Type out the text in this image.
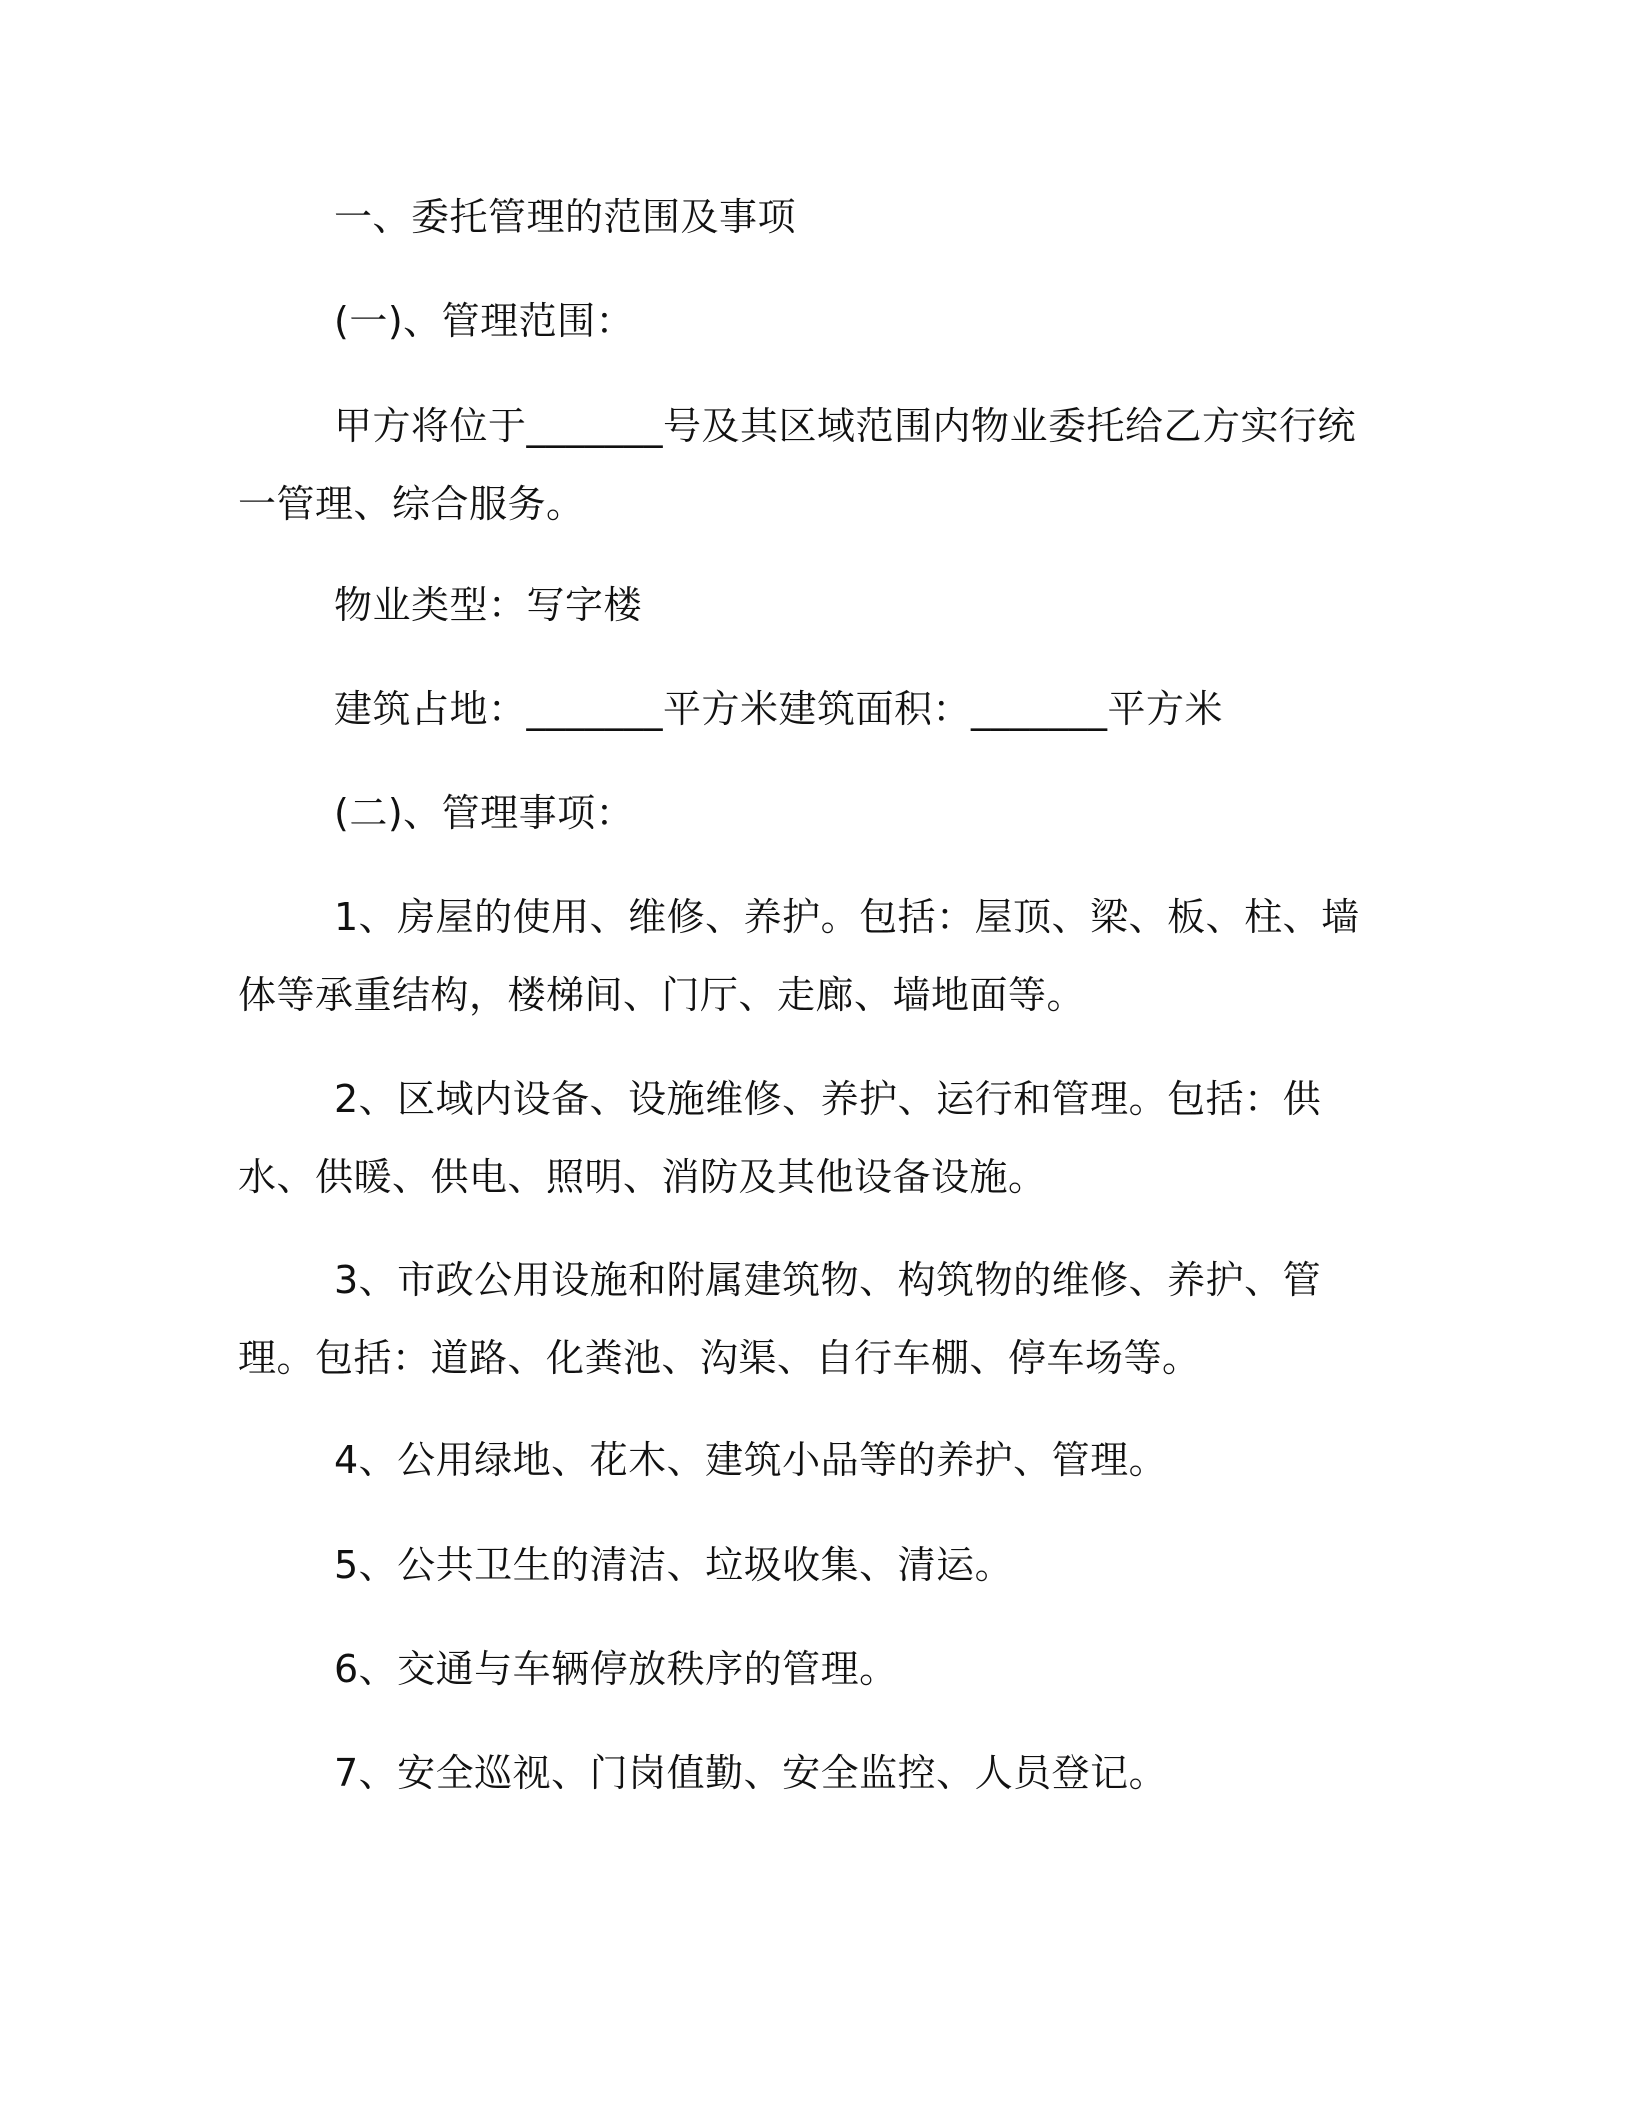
一、委托管理的范围及事项

(一)、管理范围：

甲方将位于_______号及其区域范围内物业委托给乙方实行统一管理、综合服务。

物业类型：写字楼

建筑占地：_______平方米建筑面积：_______平方米

(二)、管理事项：

1、房屋的使用、维修、养护。包括：屋顶、梁、板、柱、墙体等承重结构，楼梯间、门厅、走廊、墙地面等。

2、区域内设备、设施维修、养护、运行和管理。包括：供水、供暖、供电、照明、消防及其他设备设施。

3、市政公用设施和附属建筑物、构筑物的维修、养护、管理。包括：道路、化粪池、沟渠、自行车棚、停车场等。

4、公用绿地、花木、建筑小品等的养护、管理。

5、公共卫生的清洁、垃圾收集、清运。

6、交通与车辆停放秩序的管理。

7、安全巡视、门岗值勤、安全监控、人员登记。
